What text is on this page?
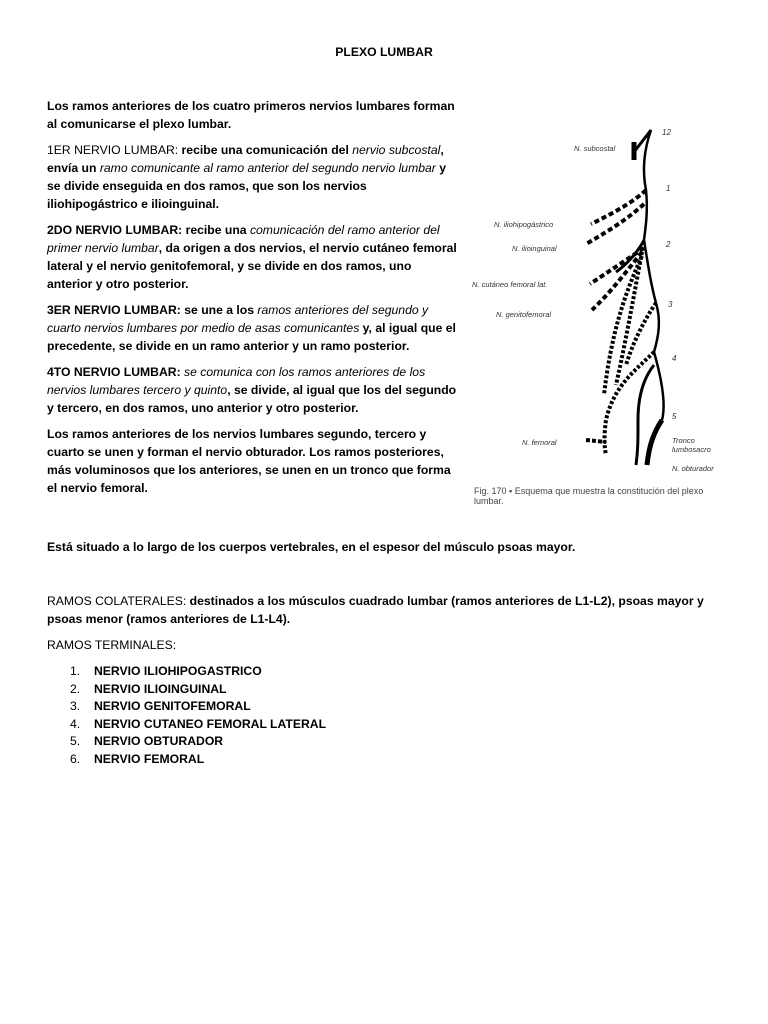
PLEXO LUMBAR

Los ramos anteriores de los cuatro primeros nervios lumbares forman al comunicarse el plexo lumbar.

1ER NERVIO LUMBAR: recibe una comunicación del nervio subcostal, envía un ramo comunicante al ramo anterior del segundo nervio lumbar y se divide enseguida en dos ramos, que son los nervios iliohipogástrico e ilioinguinal.

2DO NERVIO LUMBAR: recibe una comunicación del ramo anterior del primer nervio lumbar, da origen a dos nervios, el nervio cutáneo femoral lateral y el nervio genitofemoral, y se divide en dos ramos, uno anterior y otro posterior.

3ER NERVIO LUMBAR: se une a los ramos anteriores del segundo y cuarto nervios lumbares por medio de asas comunicantes y, al igual que el precedente, se divide en un ramo anterior y un ramo posterior.

4TO NERVIO LUMBAR: se comunica con los ramos anteriores de los nervios lumbares tercero y quinto, se divide, al igual que los del segundo y tercero, en dos ramos, uno anterior y otro posterior.

Los ramos anteriores de los nervios lumbares segundo, tercero y cuarto se unen y forman el nervio obturador. Los ramos posteriores, más voluminosos que los anteriores, se unen en un tronco que forma el nervio femoral.

12
1
2
3
4
5
N. subcostal
N. iliohipogástrico
N. ilioinguinal
N. cutáneo femoral lat.
N. genitofemoral
N. femoral	Tronco lumbosacro
N. obturador
Fig. 170 ▪ Esquema que muestra la constitución del plexo lumbar.
Está situado a lo largo de los cuerpos vertebrales, en el espesor del músculo psoas mayor.
RAMOS COLATERALES: destinados a los músculos cuadrado lumbar (ramos anteriores de L1-L2), psoas mayor y psoas menor (ramos anteriores de L1-L4).
RAMOS TERMINALES:
1.	NERVIO ILIOHIPOGASTRICO
2.	NERVIO ILIOINGUINAL
3.	NERVIO GENITOFEMORAL
4.	NERVIO CUTANEO FEMORAL LATERAL
5.	NERVIO OBTURADOR
6.	NERVIO FEMORAL
